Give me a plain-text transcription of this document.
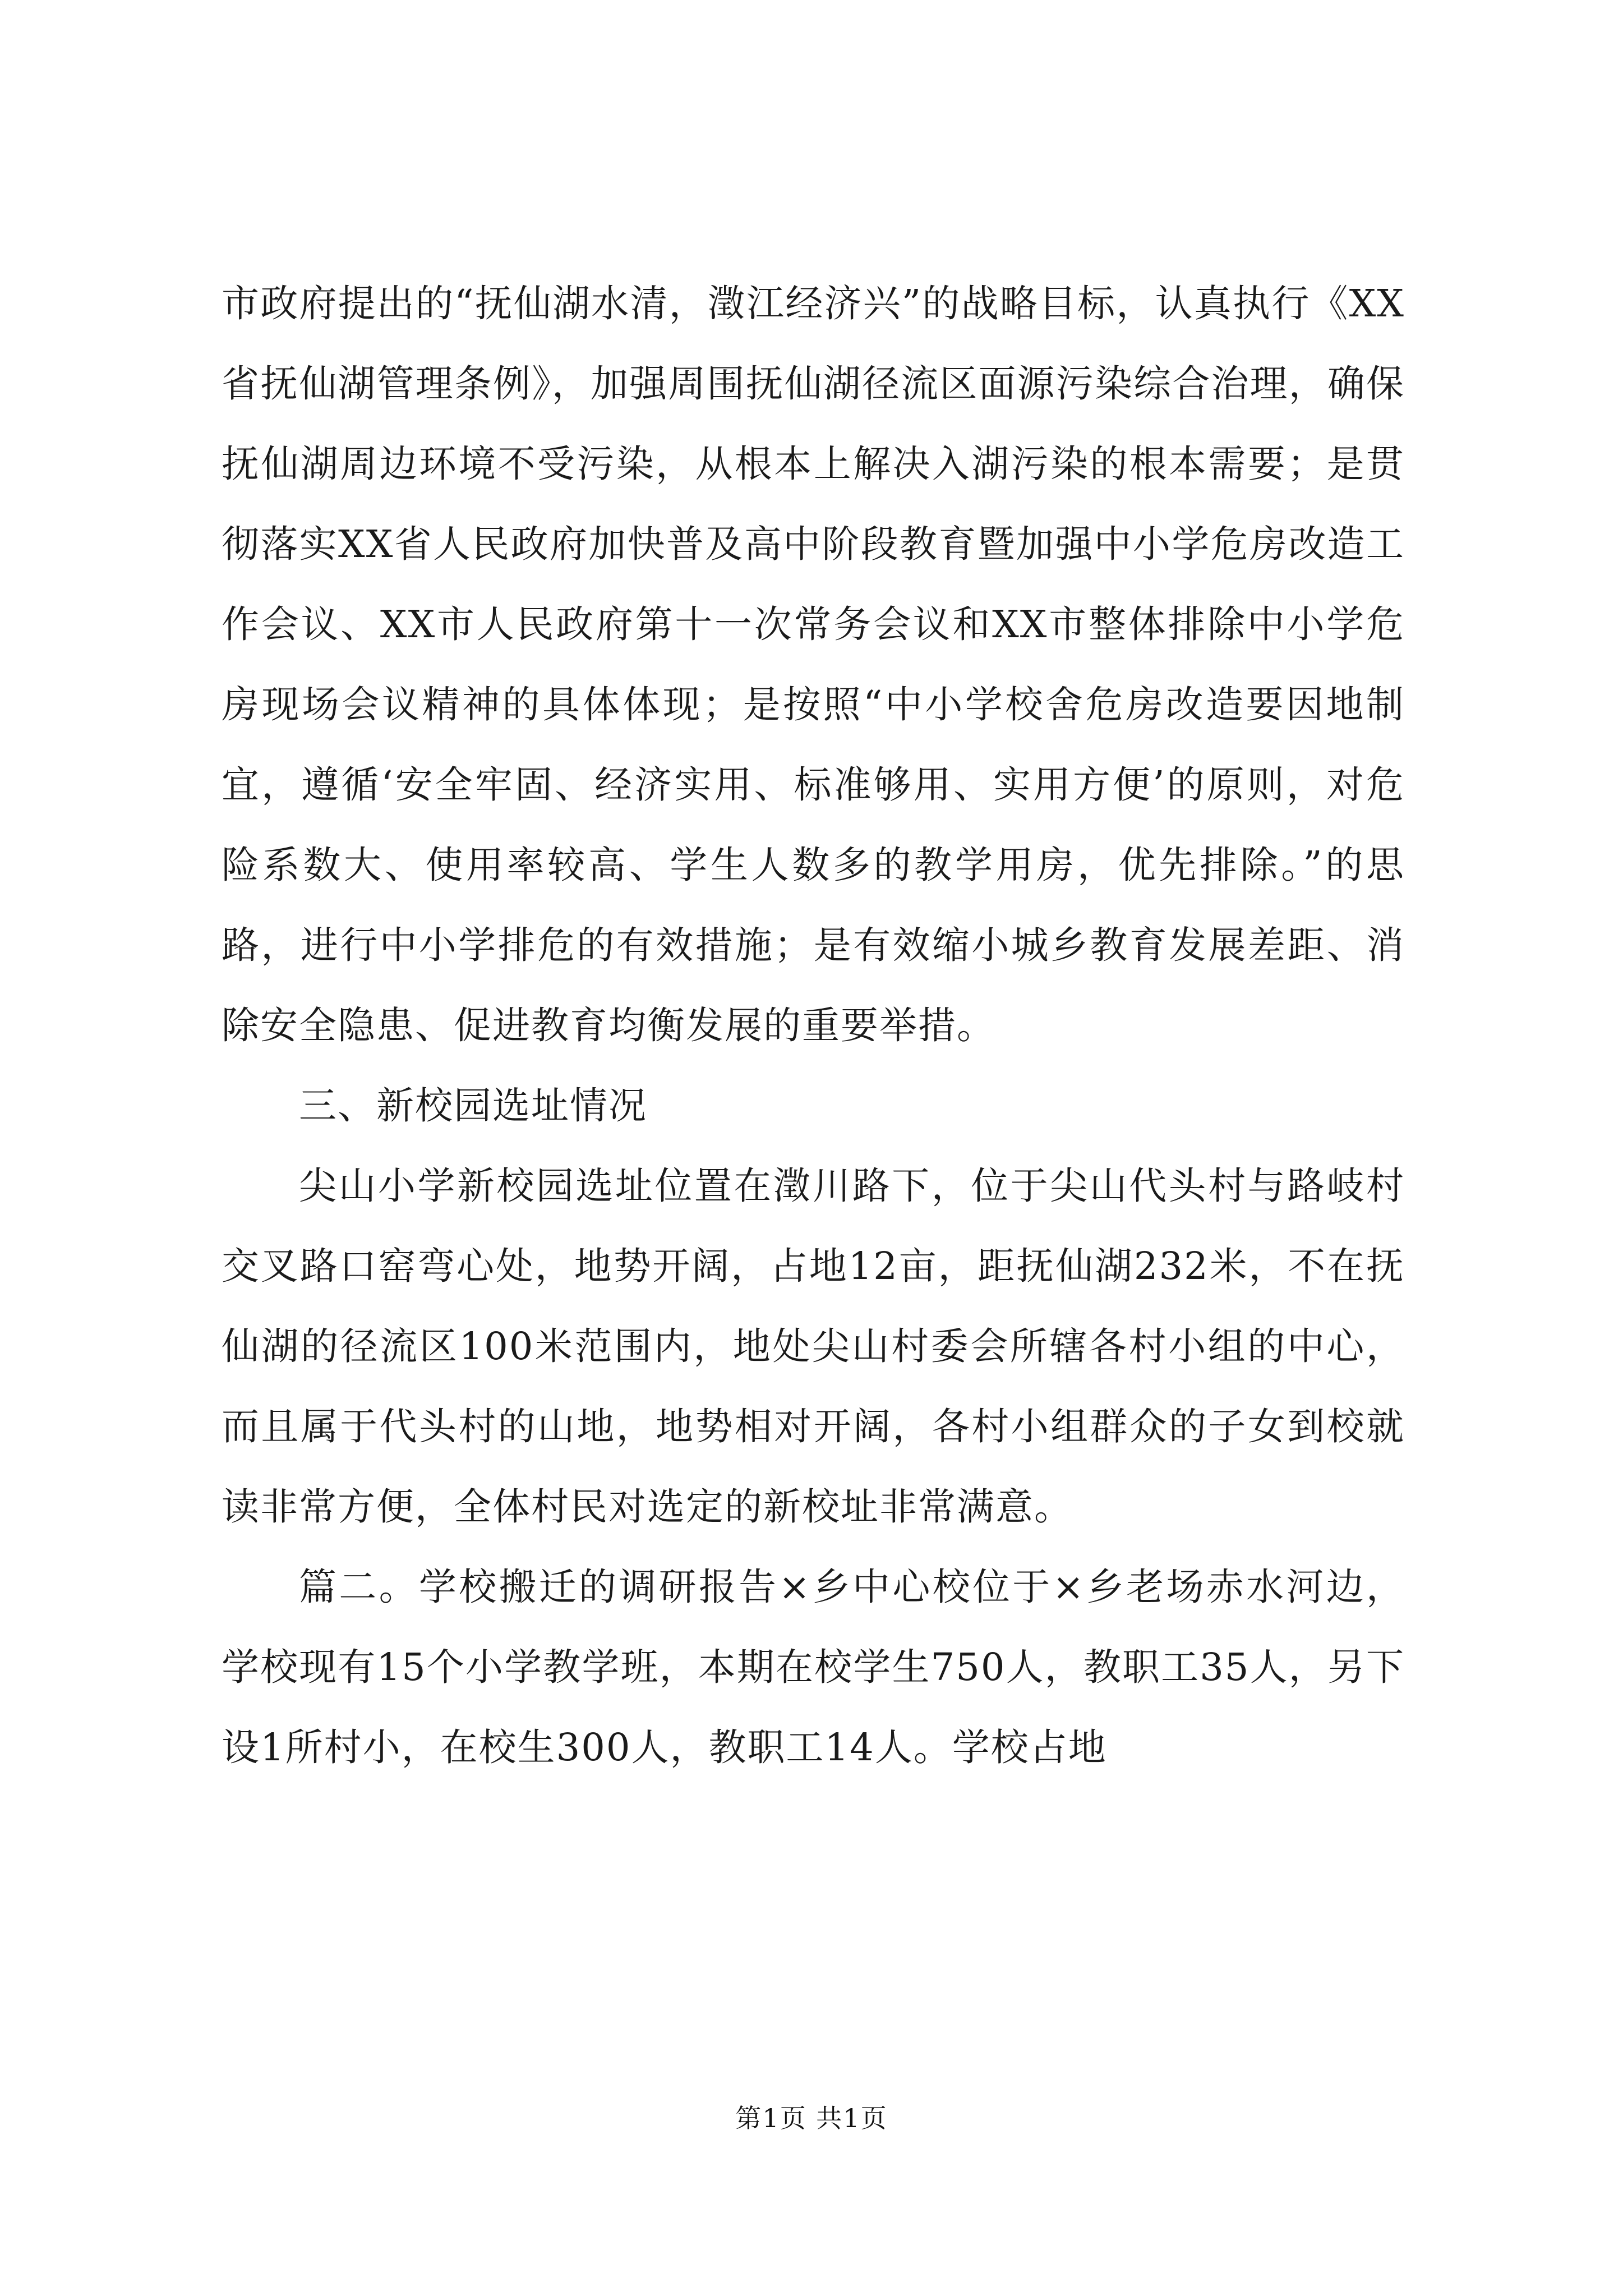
市政府提出的“抚仙湖水清，澂江经济兴”的战略目标，认真执行《XX省抚仙湖管理条例》，加强周围抚仙湖径流区面源污染综合治理，确保抚仙湖周边环境不受污染，从根本上解决入湖污染的根本需要；是贯彻落实XX省人民政府加快普及高中阶段教育暨加强中小学危房改造工作会议、XX市人民政府第十一次常务会议和XX市整体排除中小学危房现场会议精神的具体体现；是按照“中小学校舍危房改造要因地制宜，遵循‘安全牢固、经济实用、标准够用、实用方便’的原则，对危险系数大、使用率较高、学生人数多的教学用房，优先排除。”的思路，进行中小学排危的有效措施；是有效缩小城乡教育发展差距、消除安全隐患、促进教育均衡发展的重要举措。

三、新校园选址情况

尖山小学新校园选址位置在澂川路下，位于尖山代头村与路岐村交叉路口窑弯心处，地势开阔，占地12亩，距抚仙湖232米，不在抚仙湖的径流区100米范围内，地处尖山村委会所辖各村小组的中心，而且属于代头村的山地，地势相对开阔，各村小组群众的子女到校就读非常方便，全体村民对选定的新校址非常满意。

篇二。学校搬迁的调研报告×乡中心校位于×乡老场赤水河边，学校现有15个小学教学班，本期在校学生750人，教职工35人，另下设1所村小，在校生300人，教职工14人。学校占地

第1页 共1页
